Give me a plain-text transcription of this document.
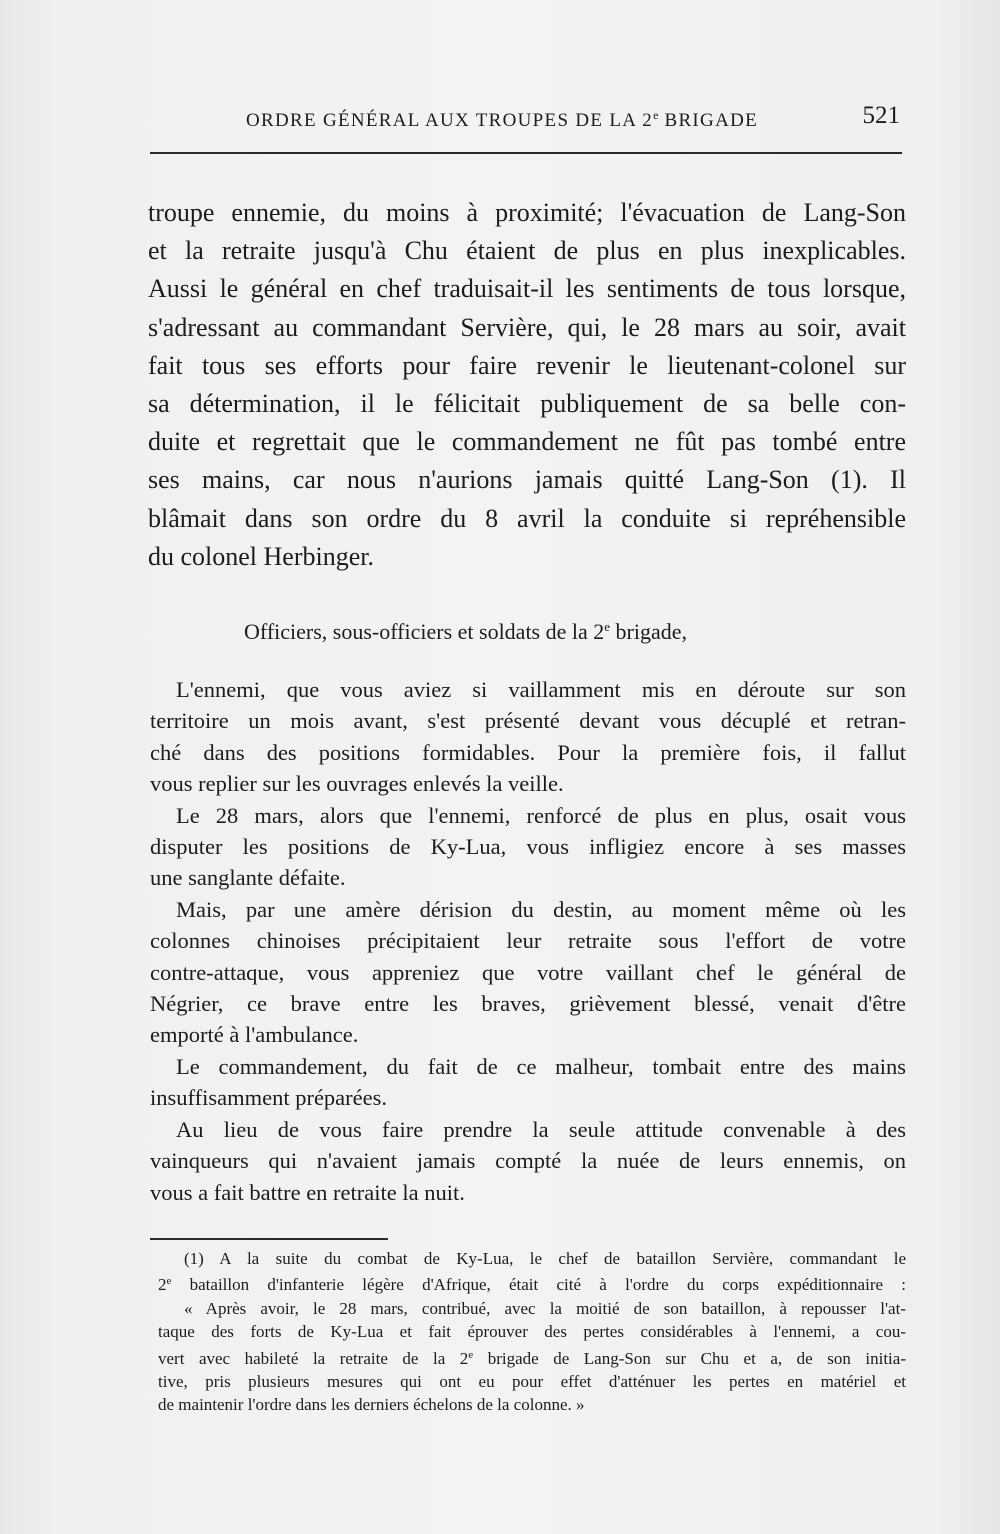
ORDRE GÉNÉRAL AUX TROUPES DE LA 2e BRIGADE	521
troupe ennemie, du moins à proximité; l'évacuation de Lang-Son
et la retraite jusqu'à Chu étaient de plus en plus inexplicables.
Aussi le général en chef traduisait-il les sentiments de tous lorsque,
s'adressant au commandant Servière, qui, le 28 mars au soir, avait
fait tous ses efforts pour faire revenir le lieutenant-colonel sur
sa détermination, il le félicitait publiquement de sa belle con-
duite et regrettait que le commandement ne fût pas tombé entre
ses mains, car nous n'aurions jamais quitté Lang-Son (1). Il
blâmait dans son ordre du 8 avril la conduite si repréhensible
du colonel Herbinger.
Officiers, sous-officiers et soldats de la 2e brigade,
L'ennemi, que vous aviez si vaillamment mis en déroute sur son
territoire un mois avant, s'est présenté devant vous décuplé et retran-
ché dans des positions formidables. Pour la première fois, il fallut
vous replier sur les ouvrages enlevés la veille.
Le 28 mars, alors que l'ennemi, renforcé de plus en plus, osait vous
disputer les positions de Ky-Lua, vous infligiez encore à ses masses
une sanglante défaite.
Mais, par une amère dérision du destin, au moment même où les
colonnes chinoises précipitaient leur retraite sous l'effort de votre
contre-attaque, vous appreniez que votre vaillant chef le général de
Négrier, ce brave entre les braves, grièvement blessé, venait d'être
emporté à l'ambulance.
Le commandement, du fait de ce malheur, tombait entre des mains
insuffisamment préparées.
Au lieu de vous faire prendre la seule attitude convenable à des
vainqueurs qui n'avaient jamais compté la nuée de leurs ennemis, on
vous a fait battre en retraite la nuit.
(1) A la suite du combat de Ky-Lua, le chef de bataillon Servière, commandant le
2e bataillon d'infanterie légère d'Afrique, était cité à l'ordre du corps expéditionnaire :
« Après avoir, le 28 mars, contribué, avec la moitié de son bataillon, à repousser l'at-
taque des forts de Ky-Lua et fait éprouver des pertes considérables à l'ennemi, a cou-
vert avec habileté la retraite de la 2e brigade de Lang-Son sur Chu et a, de son initia-
tive, pris plusieurs mesures qui ont eu pour effet d'atténuer les pertes en matériel et
de maintenir l'ordre dans les derniers échelons de la colonne. »
